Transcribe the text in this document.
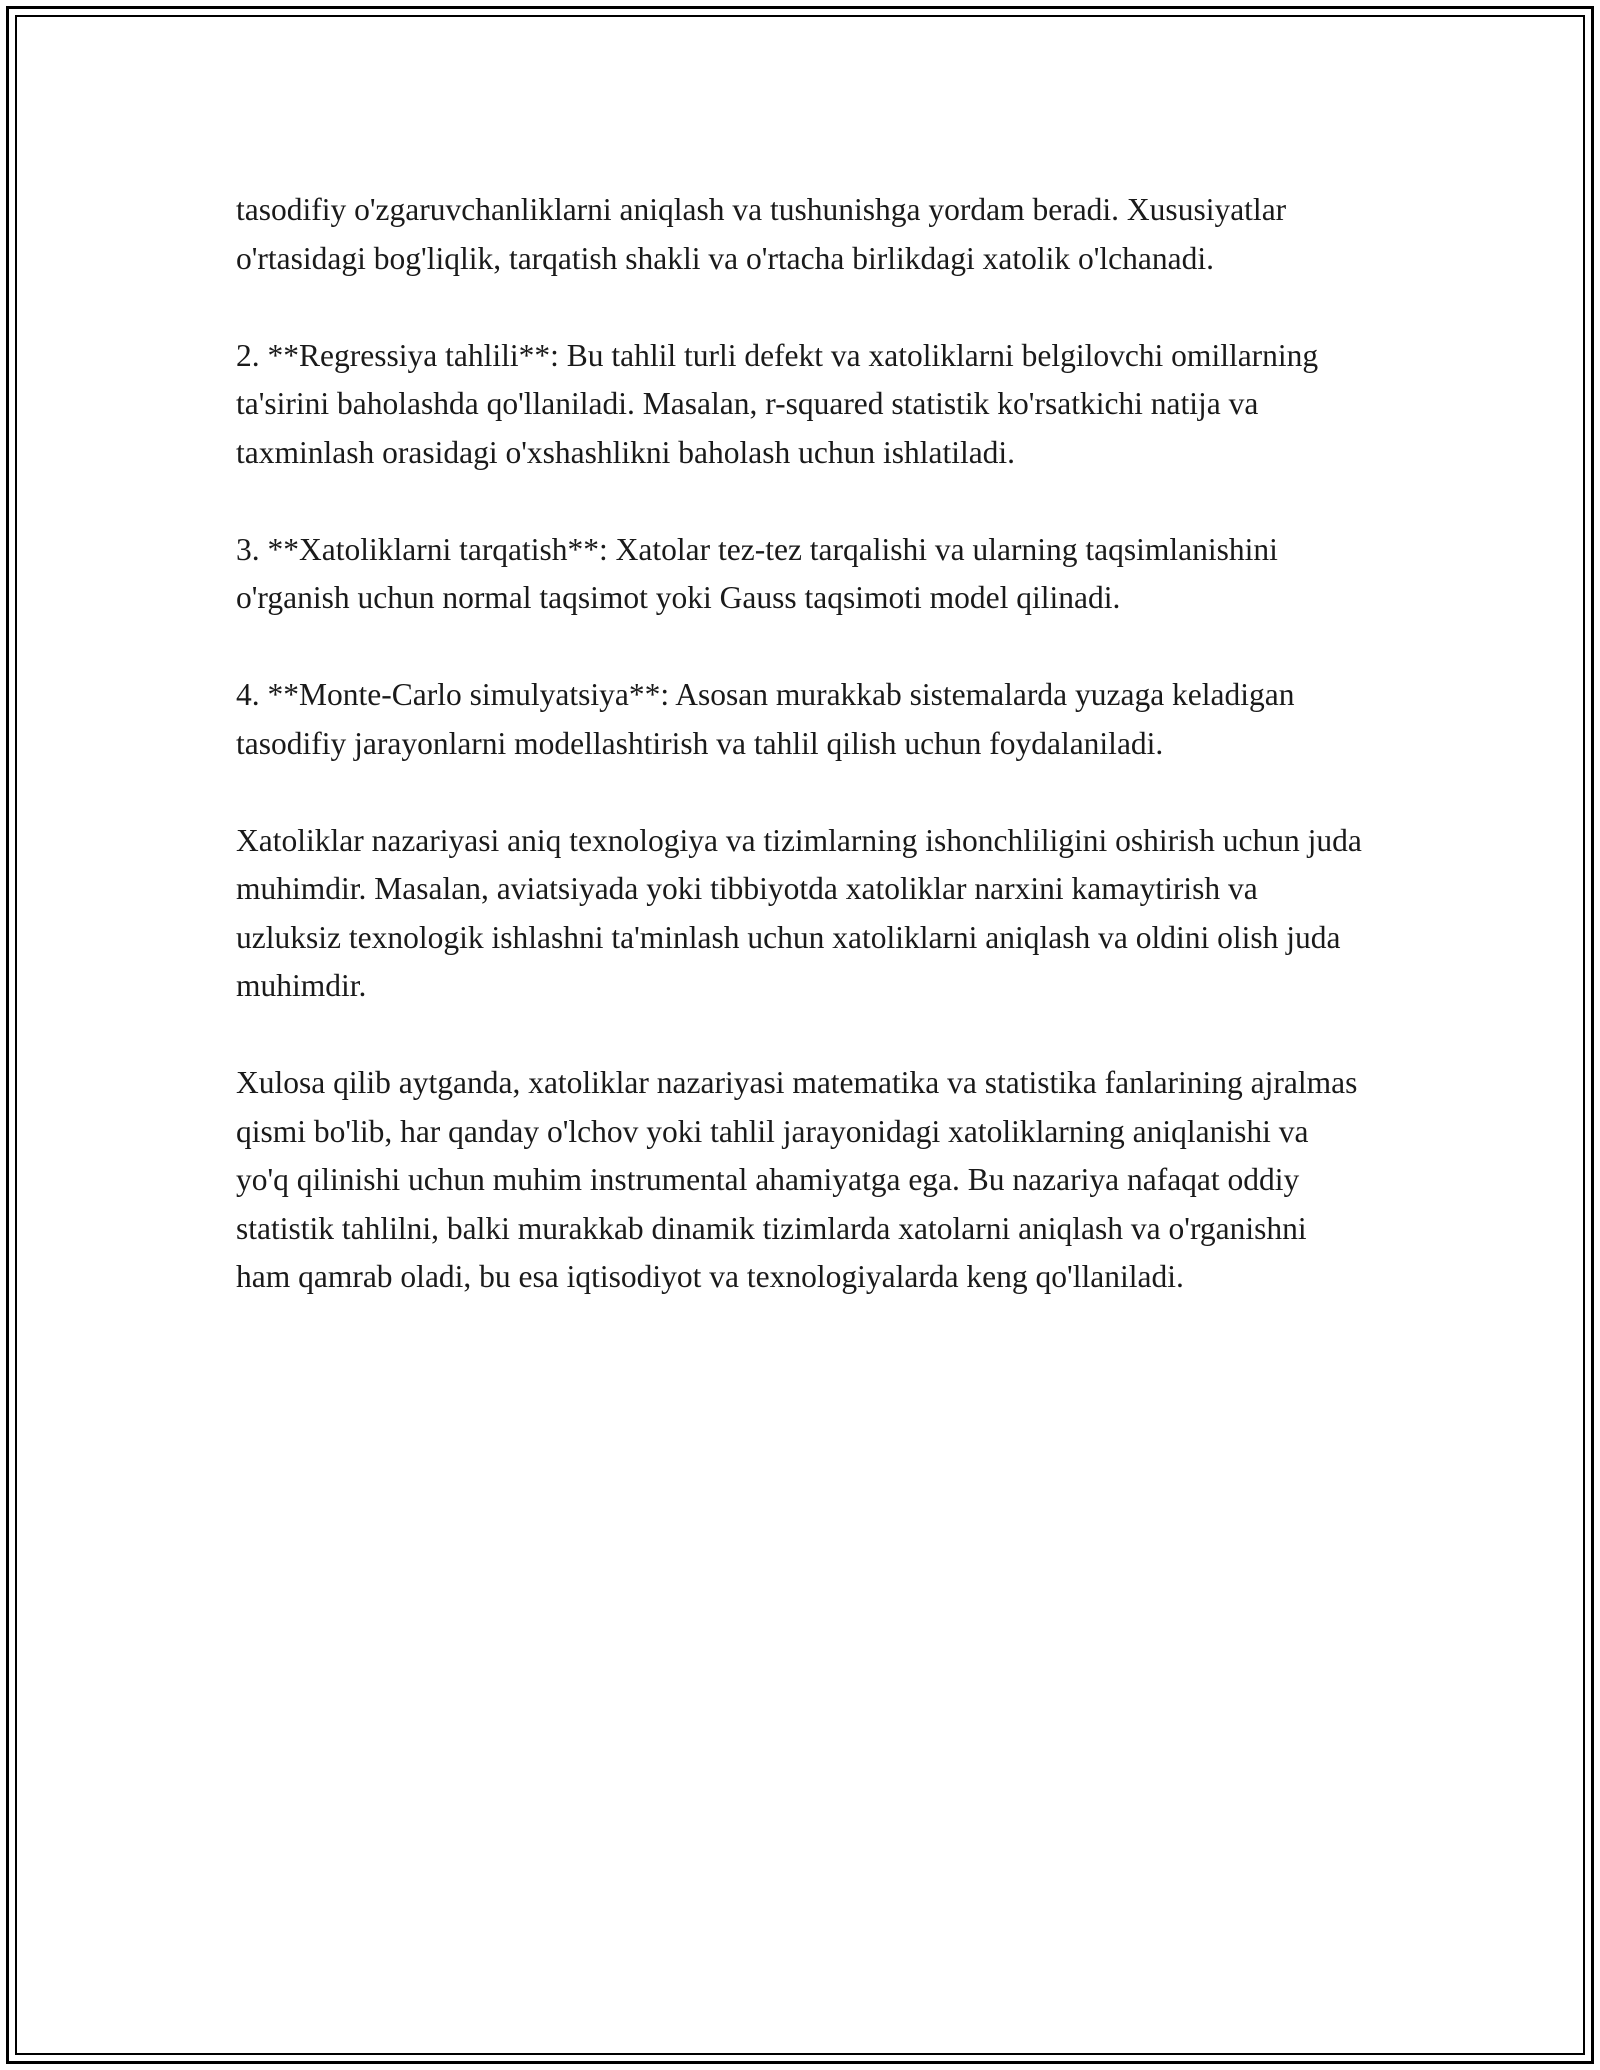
tasodifiy o'zgaruvchanliklarni aniqlash va tushunishga yordam beradi. Xususiyatlar o'rtasidagi bog'liqlik, tarqatish shakli va o'rtacha birlikdagi xatolik o'lchanadi.

2. **Regressiya tahlili**: Bu tahlil turli defekt va xatoliklarni belgilovchi omillarning ta'sirini baholashda qo'llaniladi. Masalan, r-squared statistik ko'rsatkichi natija va taxminlash orasidagi o'xshashlikni baholash uchun ishlatiladi.

3. **Xatoliklarni tarqatish**: Xatolar tez-tez tarqalishi va ularning taqsimlanishini o'rganish uchun normal taqsimot yoki Gauss taqsimoti model qilinadi.

4. **Monte-Carlo simulyatsiya**: Asosan murakkab sistemalarda yuzaga keladigan tasodifiy jarayonlarni modellashtirish va tahlil qilish uchun foydalaniladi.

Xatoliklar nazariyasi aniq texnologiya va tizimlarning ishonchliligini oshirish uchun juda muhimdir. Masalan, aviatsiyada yoki tibbiyotda xatoliklar narxini kamaytirish va uzluksiz texnologik ishlashni ta'minlash uchun xatoliklarni aniqlash va oldini olish juda muhimdir.

Xulosa qilib aytganda, xatoliklar nazariyasi matematika va statistika fanlarining ajralmas qismi bo'lib, har qanday o'lchov yoki tahlil jarayonidagi xatoliklarning aniqlanishi va yo'q qilinishi uchun muhim instrumental ahamiyatga ega. Bu nazariya nafaqat oddiy statistik tahlilni, balki murakkab dinamik tizimlarda xatolarni aniqlash va o'rganishni ham qamrab oladi, bu esa iqtisodiyot va texnologiyalarda keng qo'llaniladi.
